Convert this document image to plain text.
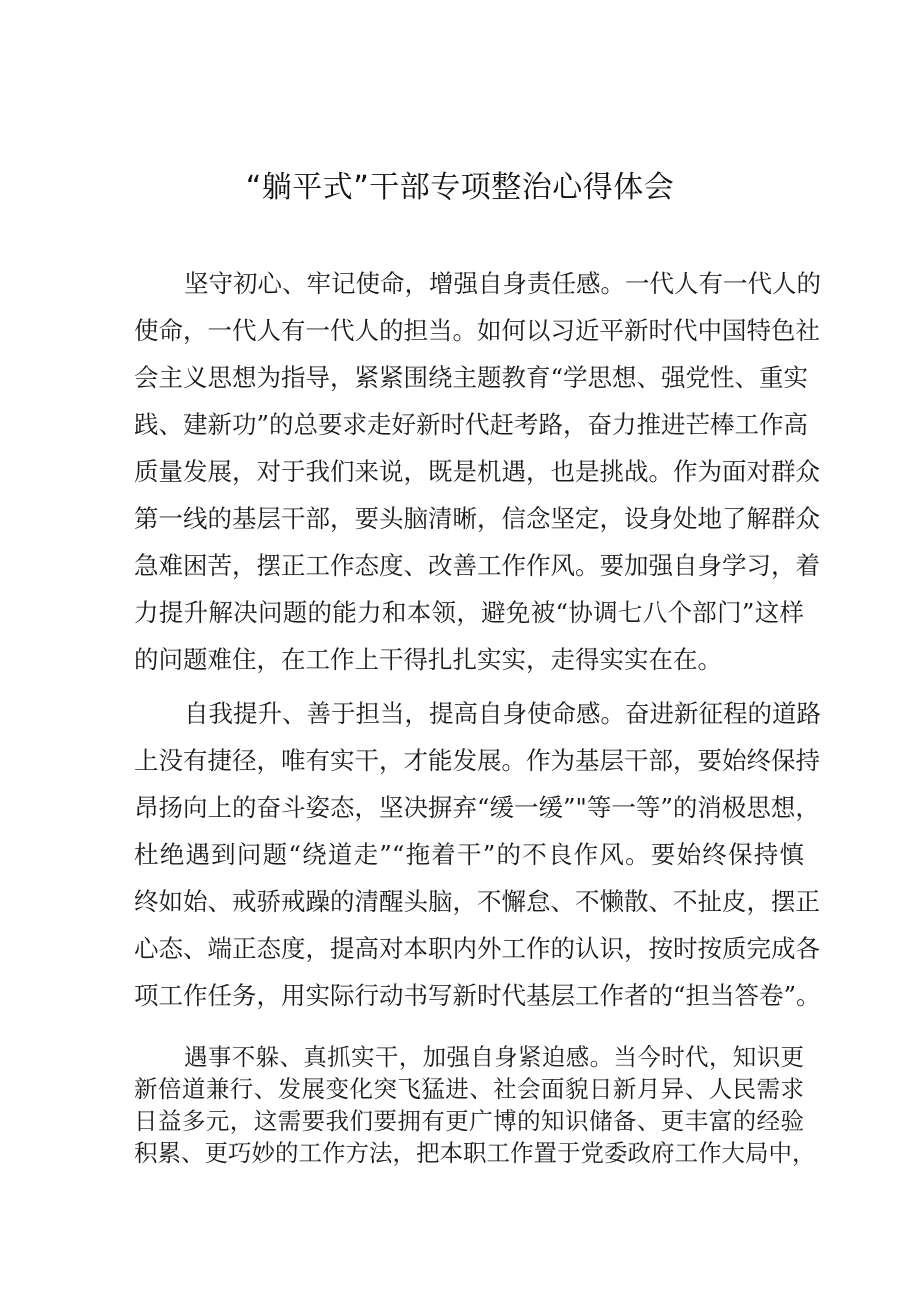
“躺平式”干部专项整治心得体会

坚守初心、牢记使命，增强自身责任感。一代人有一代人的

使命，一代人有一代人的担当。如何以习近平新时代中国特色社

会主义思想为指导，紧紧围绕主题教育“学思想、强党性、重实

践、建新功”的总要求走好新时代赶考路，奋力推进芒棒工作高

质量发展，对于我们来说，既是机遇，也是挑战。作为面对群众

第一线的基层干部，要头脑清晰，信念坚定，设身处地了解群众

急难困苦，摆正工作态度、改善工作作风。要加强自身学习，着

力提升解决问题的能力和本领，避免被“协调七八个部门”这样

的问题难住，在工作上干得扎扎实实，走得实实在在。

自我提升、善于担当，提高自身使命感。奋进新征程的道路

上没有捷径，唯有实干，才能发展。作为基层干部，要始终保持

昂扬向上的奋斗姿态，坚决摒弃“缓一缓”"等一等”的消极思想，

杜绝遇到问题“绕道走”“拖着干”的不良作风。要始终保持慎

终如始、戒骄戒躁的清醒头脑，不懈怠、不懒散、不扯皮，摆正

心态、端正态度，提高对本职内外工作的认识，按时按质完成各

项工作任务，用实际行动书写新时代基层工作者的“担当答卷”。

遇事不躲、真抓实干，加强自身紧迫感。当今时代，知识更

新倍道兼行、发展变化突飞猛进、社会面貌日新月异、人民需求

日益多元，这需要我们要拥有更广博的知识储备、更丰富的经验

积累、更巧妙的工作方法，把本职工作置于党委政府工作大局中，
